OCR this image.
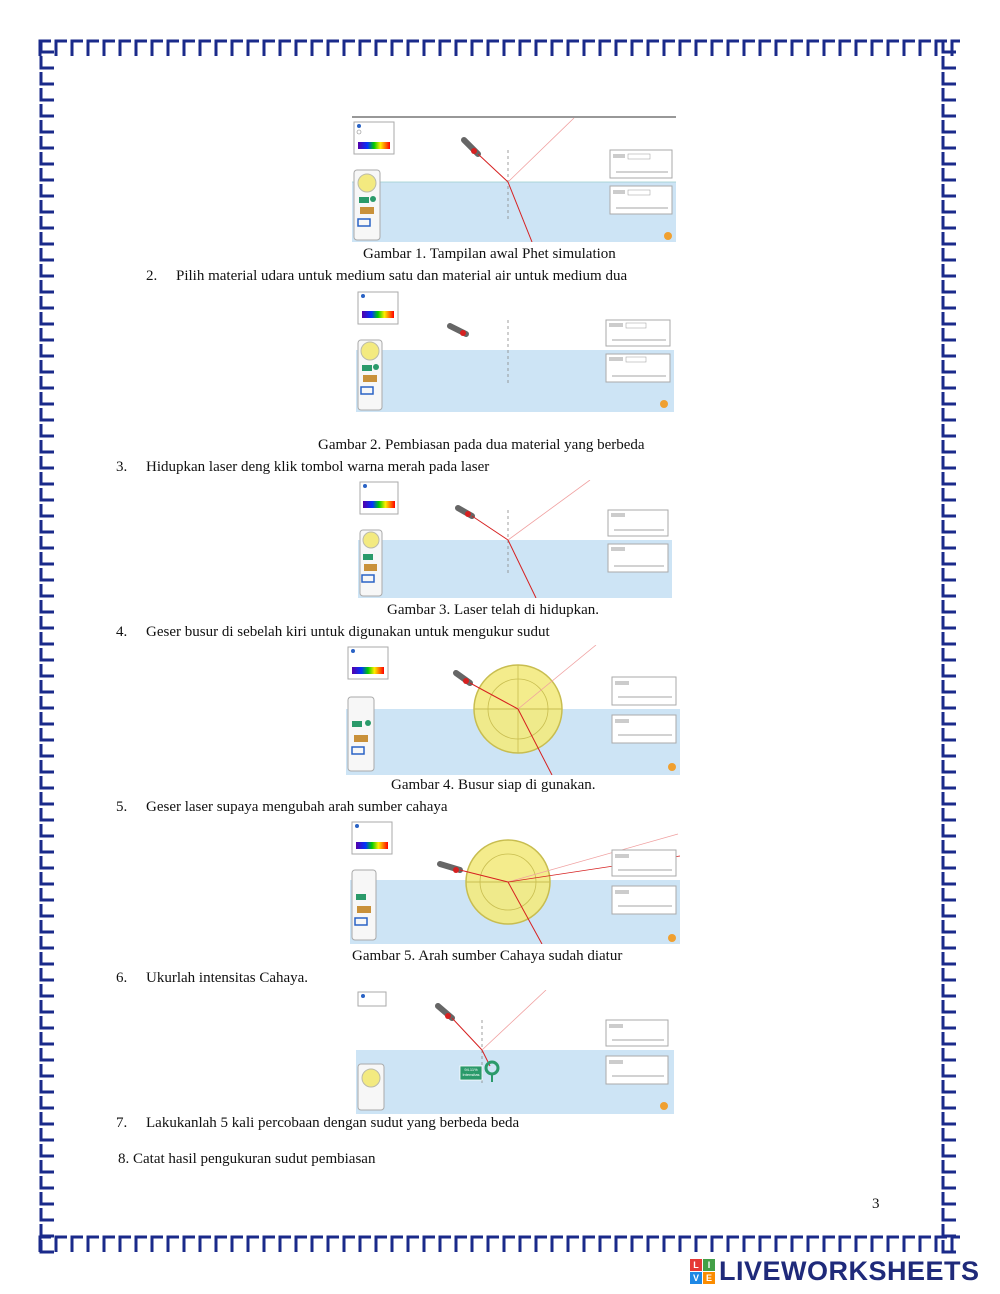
Gambar 1. Tampilan awal Phet simulation
2. Pilih material udara untuk medium satu dan material air untuk medium dua
Gambar 2. Pembiasan pada dua material yang berbeda
3. Hidupkan laser deng klik tombol warna merah pada laser
Gambar 3. Laser telah di hidupkan.
4. Geser busur di sebelah kiri untuk digunakan untuk mengukur sudut
Gambar 4. Busur siap di gunakan.
5. Geser laser supaya mengubah arah sumber cahaya
Gambar 5. Arah sumber Cahaya sudah diatur
6. Ukurlah intensitas Cahaya.
94.11%
Intensitas
7. Lakukanlah 5 kali percobaan dengan sudut yang berbeda beda
8. Catat hasil pengukuran sudut pembiasan
3
L I
V E LIVEWORKSHEETS
